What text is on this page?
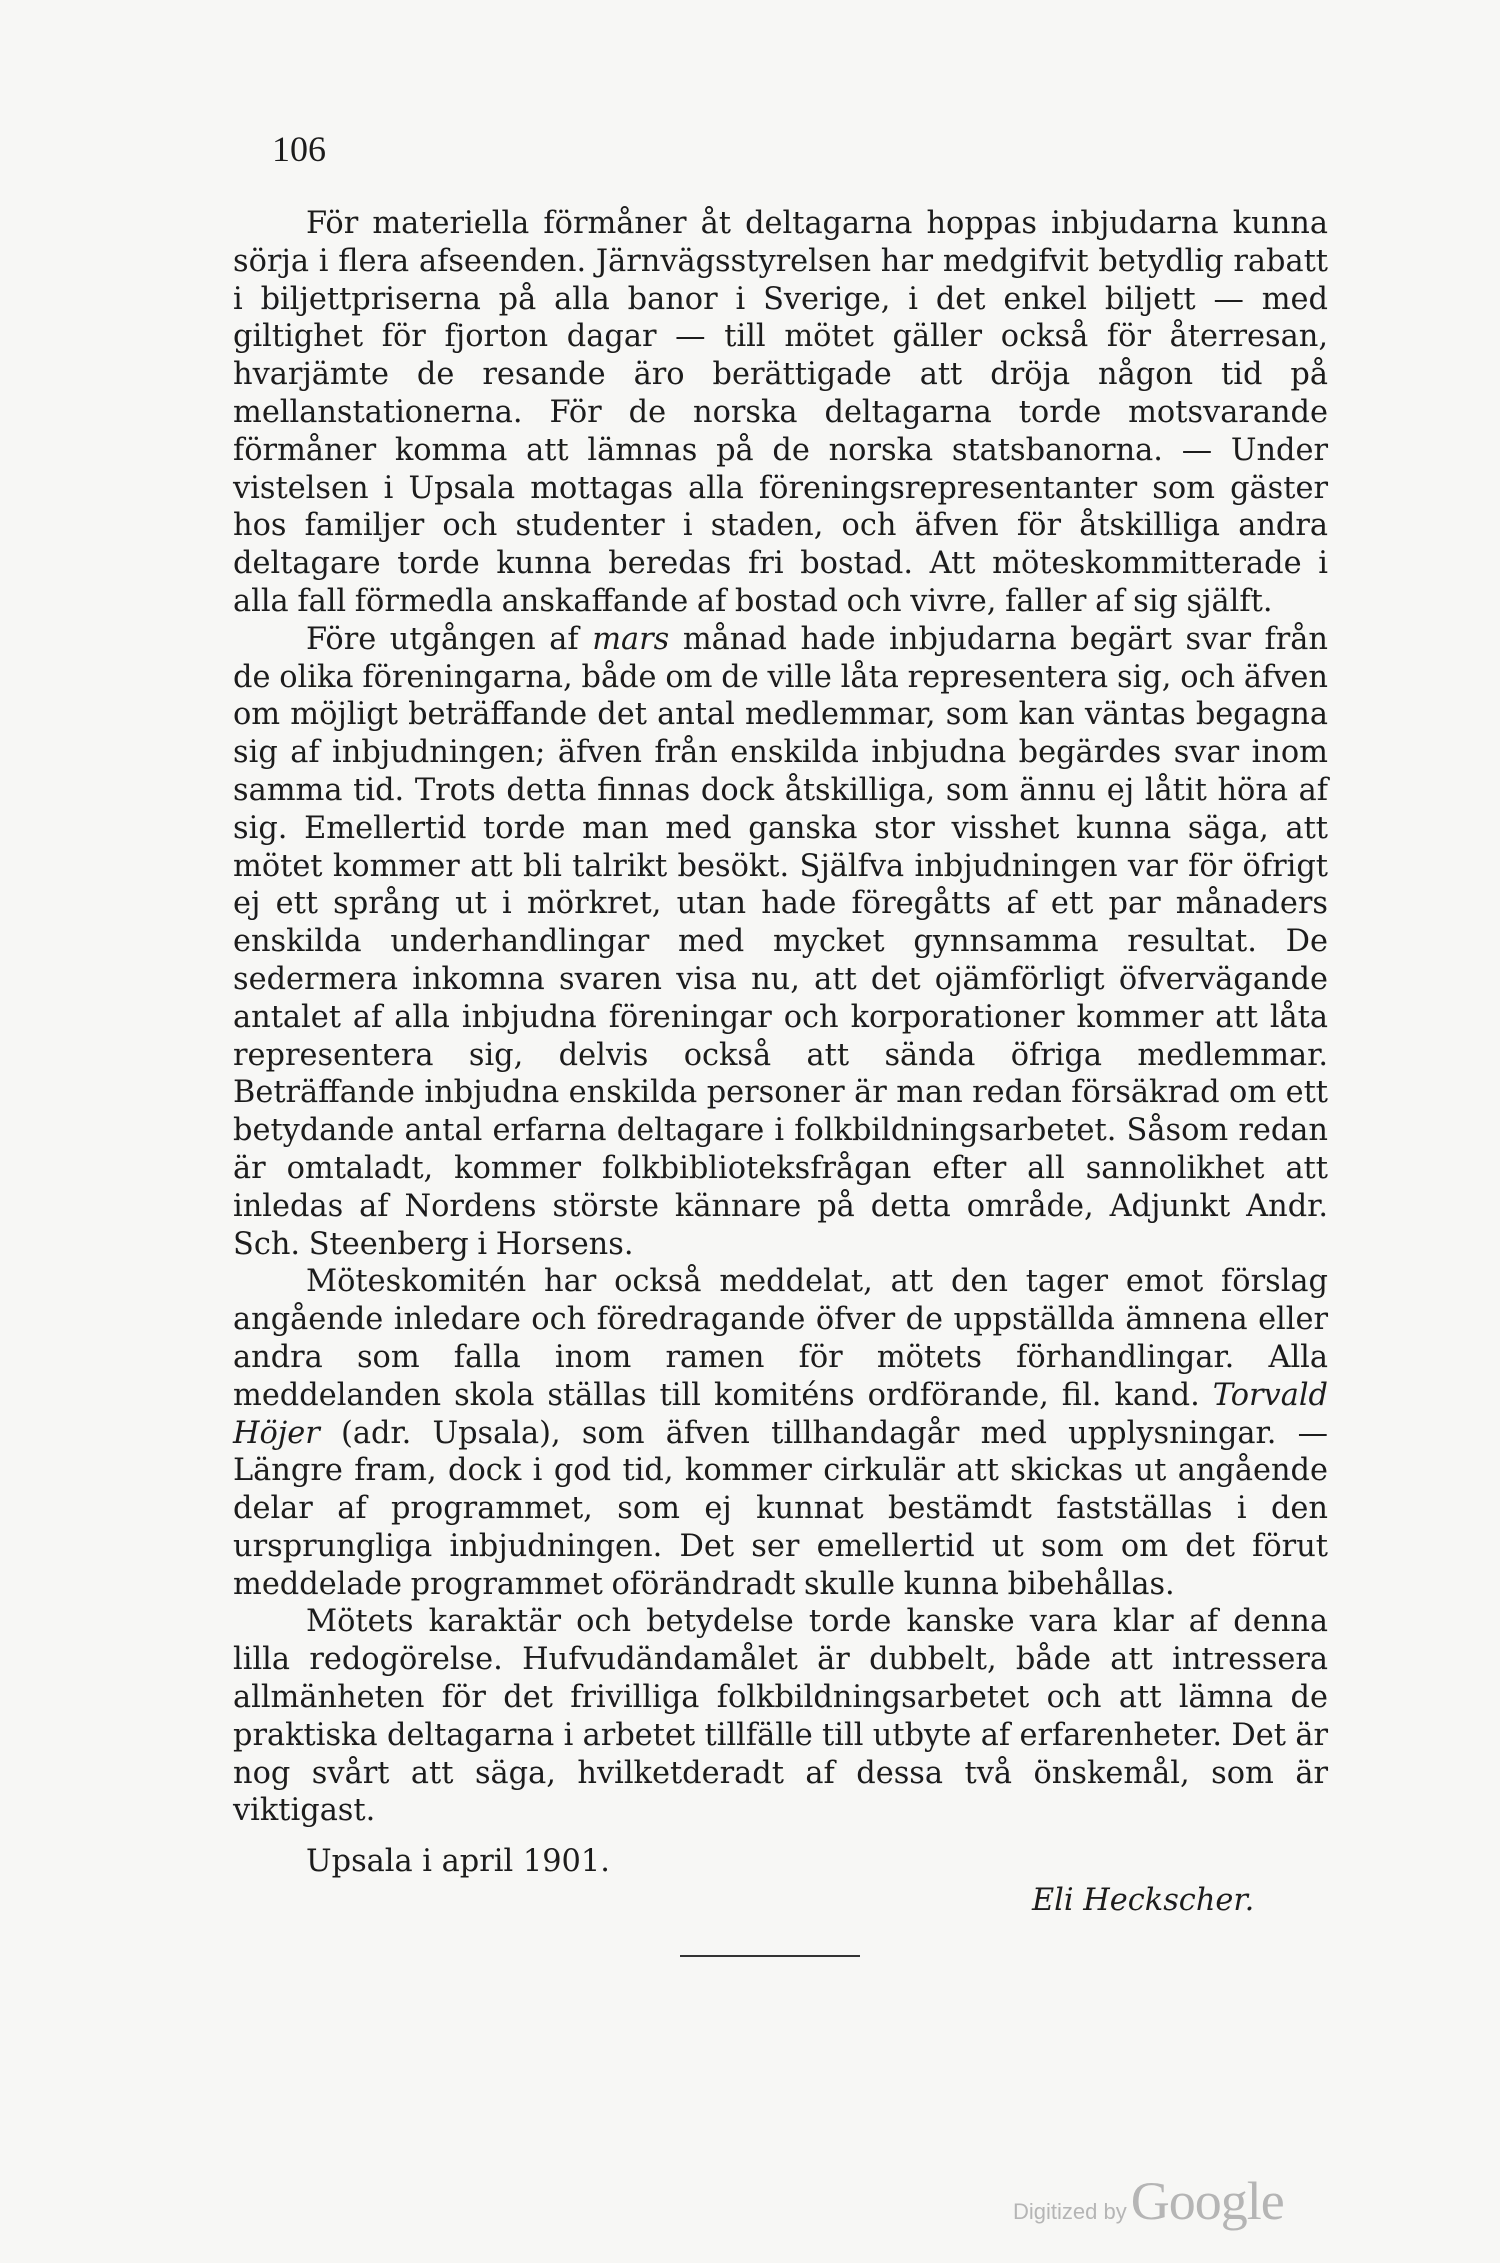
106

För materiella förmåner åt deltagarna hoppas inbjudarna kunna sörja i flera afseenden. Järnvägsstyrelsen har medgifvit betydlig rabatt i biljettpriserna på alla banor i Sverige, i det enkel biljett — med giltighet för fjorton dagar — till mötet gäller också för återresan, hvarjämte de resande äro berättigade att dröja någon tid på mellanstationerna. För de norska deltagarna torde motsvarande förmåner komma att lämnas på de norska statsbanorna. — Under vistelsen i Upsala mottagas alla föreningsrepresentanter som gäster hos familjer och studenter i staden, och äfven för åtskilliga andra deltagare torde kunna beredas fri bostad. Att möteskommitterade i alla fall förmedla anskaffande af bostad och vivre, faller af sig själft.

Före utgången af mars månad hade inbjudarna begärt svar från de olika föreningarna, både om de ville låta representera sig, och äfven om möjligt beträffande det antal medlemmar, som kan väntas begagna sig af inbjudningen; äfven från enskilda inbjudna begärdes svar inom samma tid. Trots detta finnas dock åtskilliga, som ännu ej låtit höra af sig. Emellertid torde man med ganska stor visshet kunna säga, att mötet kommer att bli talrikt besökt. Själfva inbjudningen var för öfrigt ej ett språng ut i mörkret, utan hade föregåtts af ett par månaders enskilda underhandlingar med mycket gynnsamma resultat. De sedermera inkomna svaren visa nu, att det ojämförligt öfvervägande antalet af alla inbjudna föreningar och korporationer kommer att låta representera sig, delvis också att sända öfriga medlemmar. Beträffande inbjudna enskilda personer är man redan försäkrad om ett betydande antal erfarna deltagare i folkbildningsarbetet. Såsom redan är omtaladt, kommer folkbiblioteksfrågan efter all sannolikhet att inledas af Nordens störste kännare på detta område, Adjunkt Andr. Sch. Steenberg i Horsens.

Möteskomitén har också meddelat, att den tager emot förslag angående inledare och föredragande öfver de uppställda ämnena eller andra som falla inom ramen för mötets förhandlingar. Alla meddelanden skola ställas till komiténs ordförande, fil. kand. Torvald Höjer (adr. Upsala), som äfven tillhandagår med upplysningar. — Längre fram, dock i god tid, kommer cirkulär att skickas ut angående delar af programmet, som ej kunnat bestämdt fastställas i den ursprungliga inbjudningen. Det ser emellertid ut som om det förut meddelade programmet oförändradt skulle kunna bibehållas.

Mötets karaktär och betydelse torde kanske vara klar af denna lilla redogörelse. Hufvudändamålet är dubbelt, både att intressera allmänheten för det frivilliga folkbildningsarbetet och att lämna de praktiska deltagarna i arbetet tillfälle till utbyte af erfarenheter. Det är nog svårt att säga, hvilketderadt af dessa två önskemål, som är viktigast.

Upsala i april 1901.
Eli Heckscher.
Digitized by Google
